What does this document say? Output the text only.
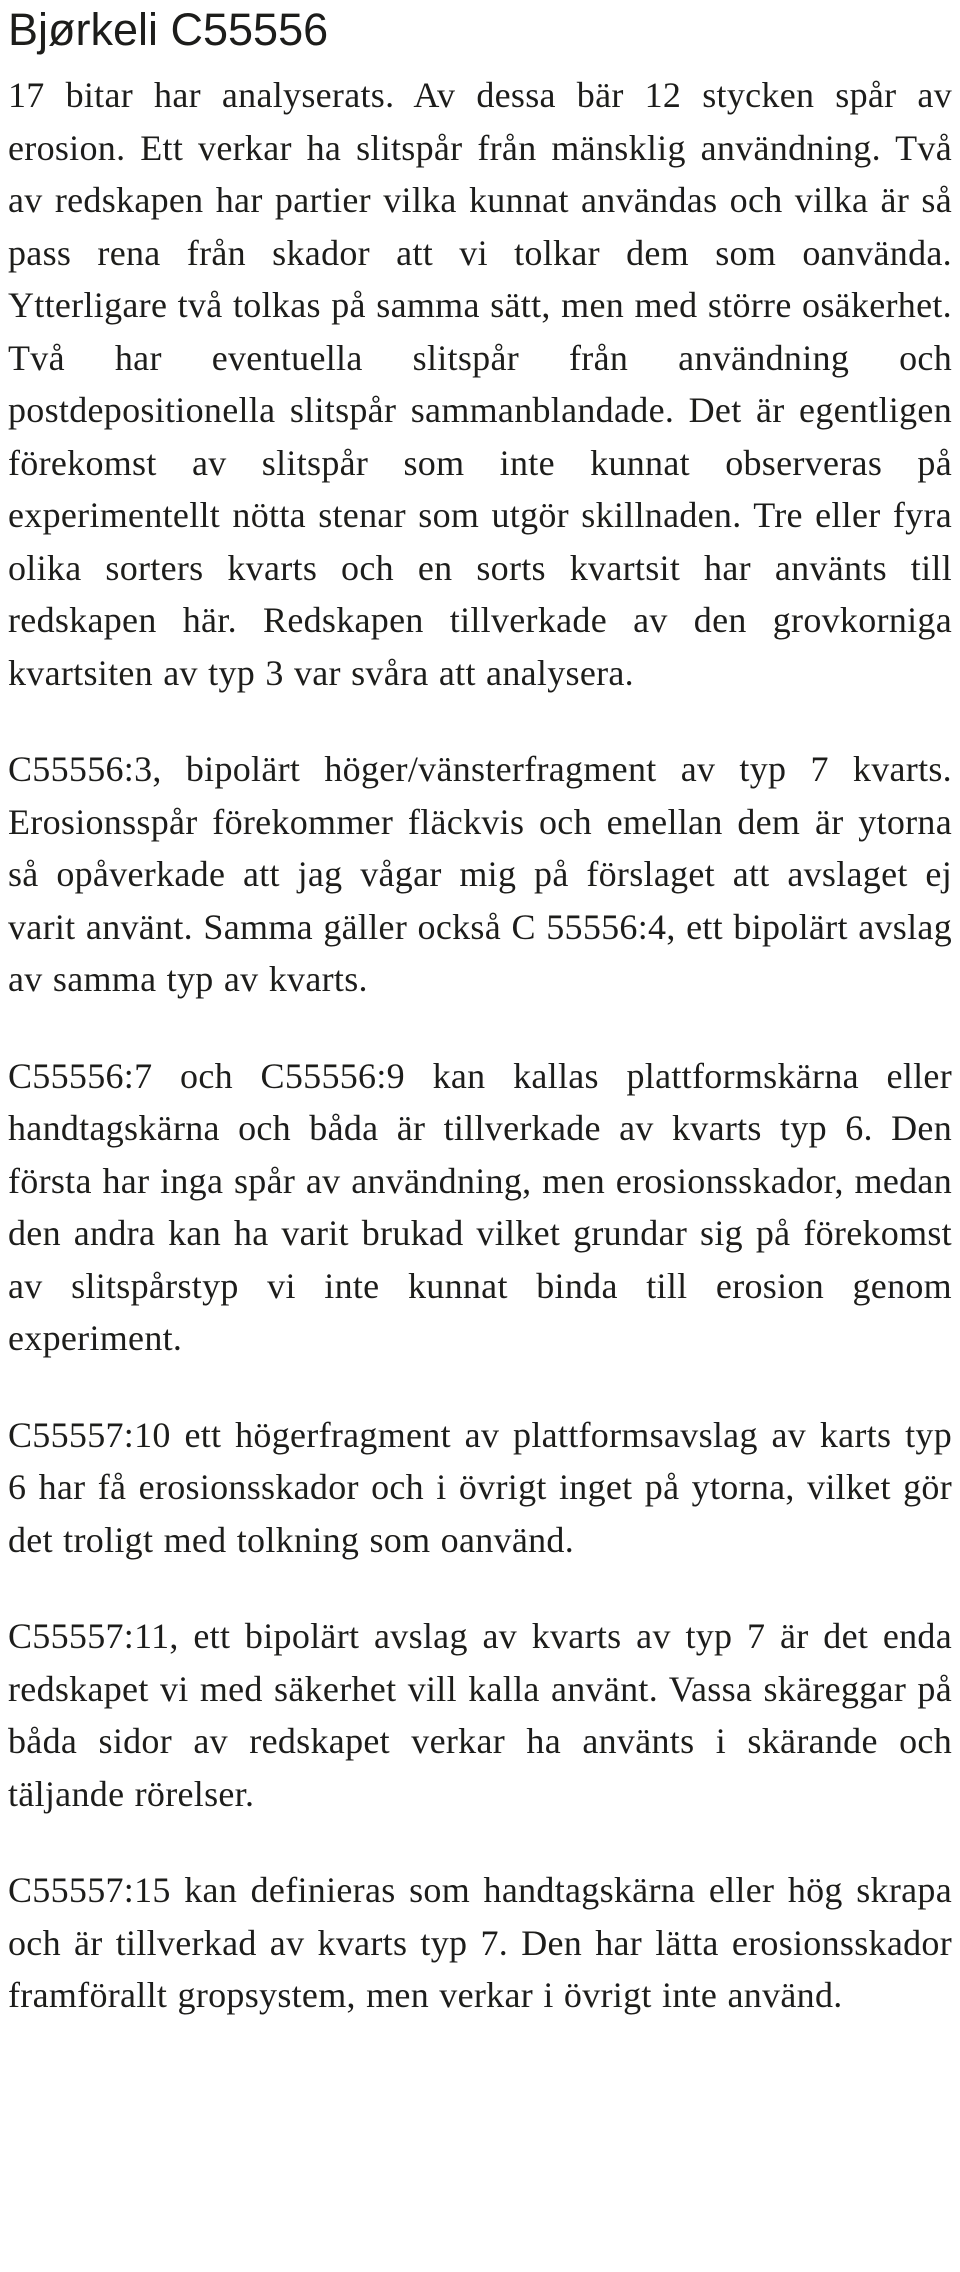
Bjørkeli C55556

17 bitar har analyserats. Av dessa bär 12 stycken spår av erosion. Ett verkar ha slitspår från mänsklig användning. Två av redskapen har partier vilka kunnat användas och vilka är så pass rena från skador att vi tolkar dem som oanvända. Ytterligare två tolkas på samma sätt, men med större osäkerhet. Två har eventuella slitspår från användning och postdepositionella slitspår sammanblandade. Det är egentligen förekomst av slitspår som inte kunnat observeras på experimentellt nötta stenar som utgör skillnaden. Tre eller fyra olika sorters kvarts och en sorts kvartsit har använts till redskapen här. Redskapen tillverkade av den grovkorniga kvartsiten av typ 3 var svåra att analysera.

C55556:3, bipolärt höger/vänsterfragment av typ 7 kvarts. Erosionsspår förekommer fläckvis och emellan dem är ytorna så opåverkade att jag vågar mig på förslaget att avslaget ej varit använt. Samma gäller också C 55556:4, ett bipolärt avslag av samma typ av kvarts.

C55556:7 och C55556:9 kan kallas plattformskärna eller handtagskärna och båda är tillverkade av kvarts typ 6. Den första har inga spår av användning, men erosionsskador, medan den andra kan ha varit brukad vilket grundar sig på förekomst av slitspårstyp vi inte kunnat binda till erosion genom experiment.

C55557:10 ett högerfragment av plattformsavslag av karts typ 6 har få erosionsskador och i övrigt inget på ytorna, vilket gör det troligt med tolkning som oanvänd.

C55557:11, ett bipolärt avslag av kvarts av typ 7 är det enda redskapet vi med säkerhet vill kalla använt. Vassa skäreggar på båda sidor av redskapet verkar ha använts i skärande och täljande rörelser.

C55557:15 kan definieras som handtagskärna eller hög skrapa och är tillverkad av kvarts typ 7. Den har lätta erosionsskador framförallt gropsystem, men verkar i övrigt inte använd.
